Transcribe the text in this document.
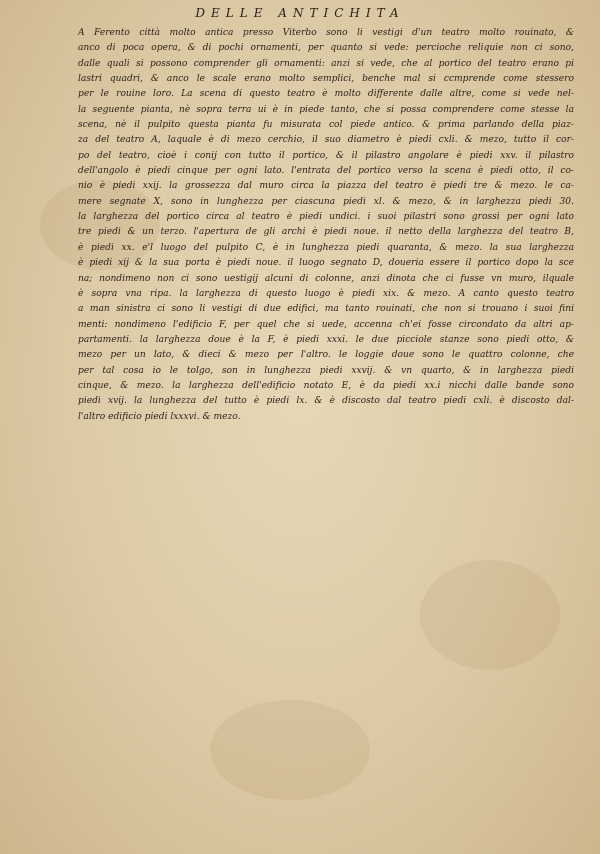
DELLE ANTICHITA
A Ferento città molto antica presso Viterbo sono li vestigi d'un teatro molto rouinato, &
anco di poca opera, & di pochi ornamenti, per quanto si vede: percioche reliquie non ci sono,
dalle quali si possono comprender gli ornamenti: anzi si vede, che al portico del teatro erano pi
lastri quadri, & anco le scale erano molto semplici, benche mal si ccmprende come stessero
per le rouine loro. La scena di questo teatro è molto differente dalle altre, come si vede nel-
la seguente pianta, nè sopra terra ui è in piede tanto, che si possa comprendere come stesse la
scena, nè il pulpito questa pianta fu misurata col piede antico. & prima parlando della piaz-
za del teatro A, laquale è di mezo cerchio, il suo diametro è piedi cxli. & mezo, tutto il cor-
po del teatro, cioè i conij con tutto il portico, & il pilastro angolare è piedi xxv. il pilastro
dell'angolo è piedi cinque per ogni lato. l'entrata del portico verso la scena è piedi otto, il co-
nio è piedi xxij. la grossezza dal muro circa la piazza del teatro è piedi tre & mezo. le ca-
mere segnate X, sono in lunghezza per ciascuna piedi xl. & mezo, & in larghezza piedi 30.
la larghezza del portico circa al teatro è piedi undici. i suoi pilastri sono grossi per ogni lato
tre piedi & un terzo. l'apertura de gli archi è piedi noue. il netto della larghezza del teatro B,
è piedi xx. e'l luogo del pulpito C, è in lunghezza piedi quaranta, & mezo. la sua larghezza
è piedi xij & la sua porta è piedi noue. il luogo segnato D, doueria essere il portico dopo la sce
na; nondimeno non ci sono uestigij alcuni di colonne, anzi dinota che ci fusse vn muro, ilquale
è sopra vna ripa. la larghezza di questo luogo è piedi xix. & mezo. A canto questo teatro
a man sinistra ci sono li vestigi di due edifici, ma tanto rouinati, che non si trouano i suoi fini
menti: nondimeno l'edificio F, per quel che si uede, accenna ch'ei fosse circondato da altri ap-
partamenti. la larghezza doue è la F, è piedi xxxi. le due picciole stanze sono piedi otto, &
mezo per un lato, & dieci & mezo per l'altro. le loggie doue sono le quattro colonne, che
per tal cosa io le tolgo, son in lunghezza piedi xxvij. & vn quarto, & in larghezza piedi
cinque, & mezo. la larghezza dell'edificio notato E, è da piedi xx.i nicchi dalle bande sono
piedi xvij. la lunghezza del tutto è piedi lx. & è discosto dal teatro piedi cxli. è discosto dal-
l'altro edificio piedi lxxxvi. & mezo.
